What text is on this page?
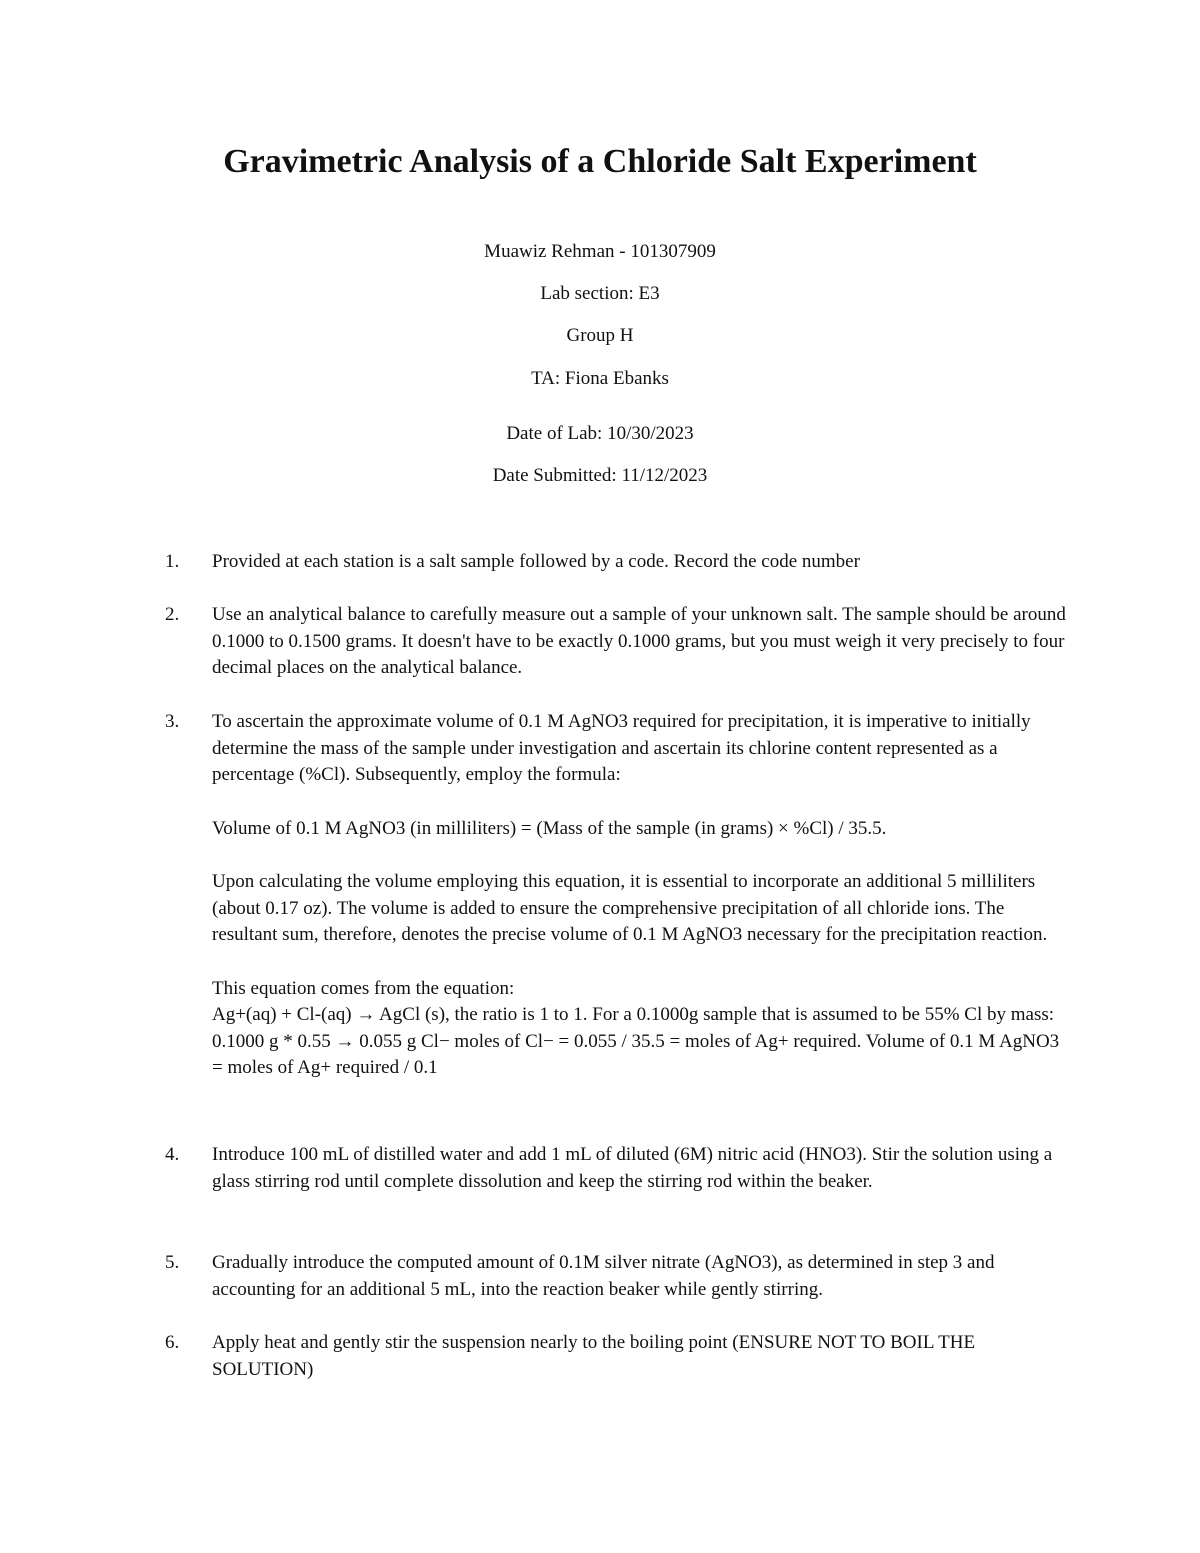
Gravimetric Analysis of a Chloride Salt Experiment

Muawiz Rehman - 101307909

Lab section: E3

Group H

TA: Fiona Ebanks

Date of Lab: 10/30/2023

Date Submitted: 11/12/2023

1.	Provided at each station is a salt sample followed by a code. Record the code number

2.	Use an analytical balance to carefully measure out a sample of your unknown salt. The sample should be around 0.1000 to 0.1500 grams. It doesn't have to be exactly 0.1000 grams, but you must weigh it very precisely to four decimal places on the analytical balance.

3.	To ascertain the approximate volume of 0.1 M AgNO3 required for precipitation, it is imperative to initially determine the mass of the sample under investigation and ascertain its chlorine content represented as a percentage (%Cl). Subsequently, employ the formula:

Volume of 0.1 M AgNO3 (in milliliters) = (Mass of the sample (in grams) × %Cl) / 35.5.

Upon calculating the volume employing this equation, it is essential to incorporate an additional 5 milliliters (about 0.17 oz). The volume is added to ensure the comprehensive precipitation of all chloride ions. The resultant sum, therefore, denotes the precise volume of 0.1 M AgNO3 necessary for the precipitation reaction.

This equation comes from the equation:

Ag+(aq) + Cl-(aq) → AgCl (s), the ratio is 1 to 1. For a 0.1000g sample that is assumed to be 55% Cl by mass: 0.1000 g * 0.55 → 0.055 g Cl− moles of Cl− = 0.055 / 35.5 = moles of Ag+ required. Volume of 0.1 M AgNO3 = moles of Ag+ required / 0.1

4.	Introduce 100 mL of distilled water and add 1 mL of diluted (6M) nitric acid (HNO3). Stir the solution using a glass stirring rod until complete dissolution and keep the stirring rod within the beaker.

5.	Gradually introduce the computed amount of 0.1M silver nitrate (AgNO3), as determined in step 3 and accounting for an additional 5 mL, into the reaction beaker while gently stirring.

6.	Apply heat and gently stir the suspension nearly to the boiling point (ENSURE NOT TO BOIL THE SOLUTION)
